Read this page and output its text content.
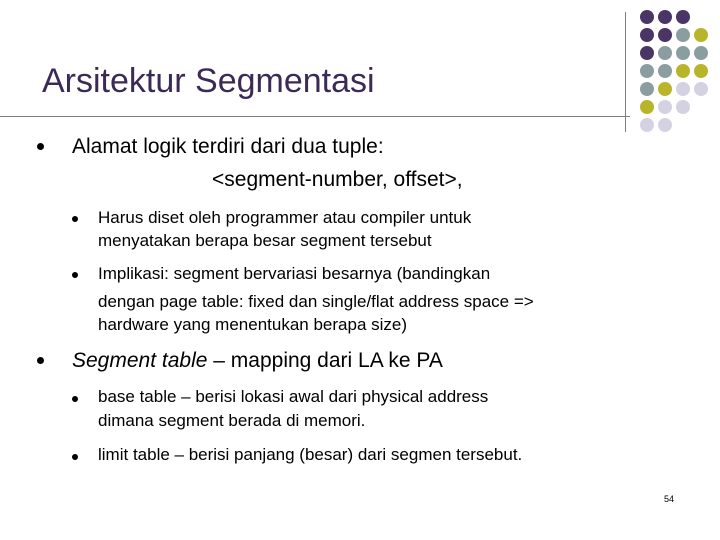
Arsitektur Segmentasi
Alamat logik terdiri dari dua tuple:
<segment-number, offset>,
Harus diset oleh programmer atau compiler untuk
menyatakan berapa besar segment tersebut
Implikasi: segment bervariasi besarnya (bandingkan
dengan page table: fixed dan single/flat address space =>
hardware yang menentukan berapa size)
Segment table – mapping dari LA ke PA
base table – berisi lokasi awal dari physical address
dimana segment berada di memori.
limit table – berisi panjang (besar) dari segmen tersebut.
54
